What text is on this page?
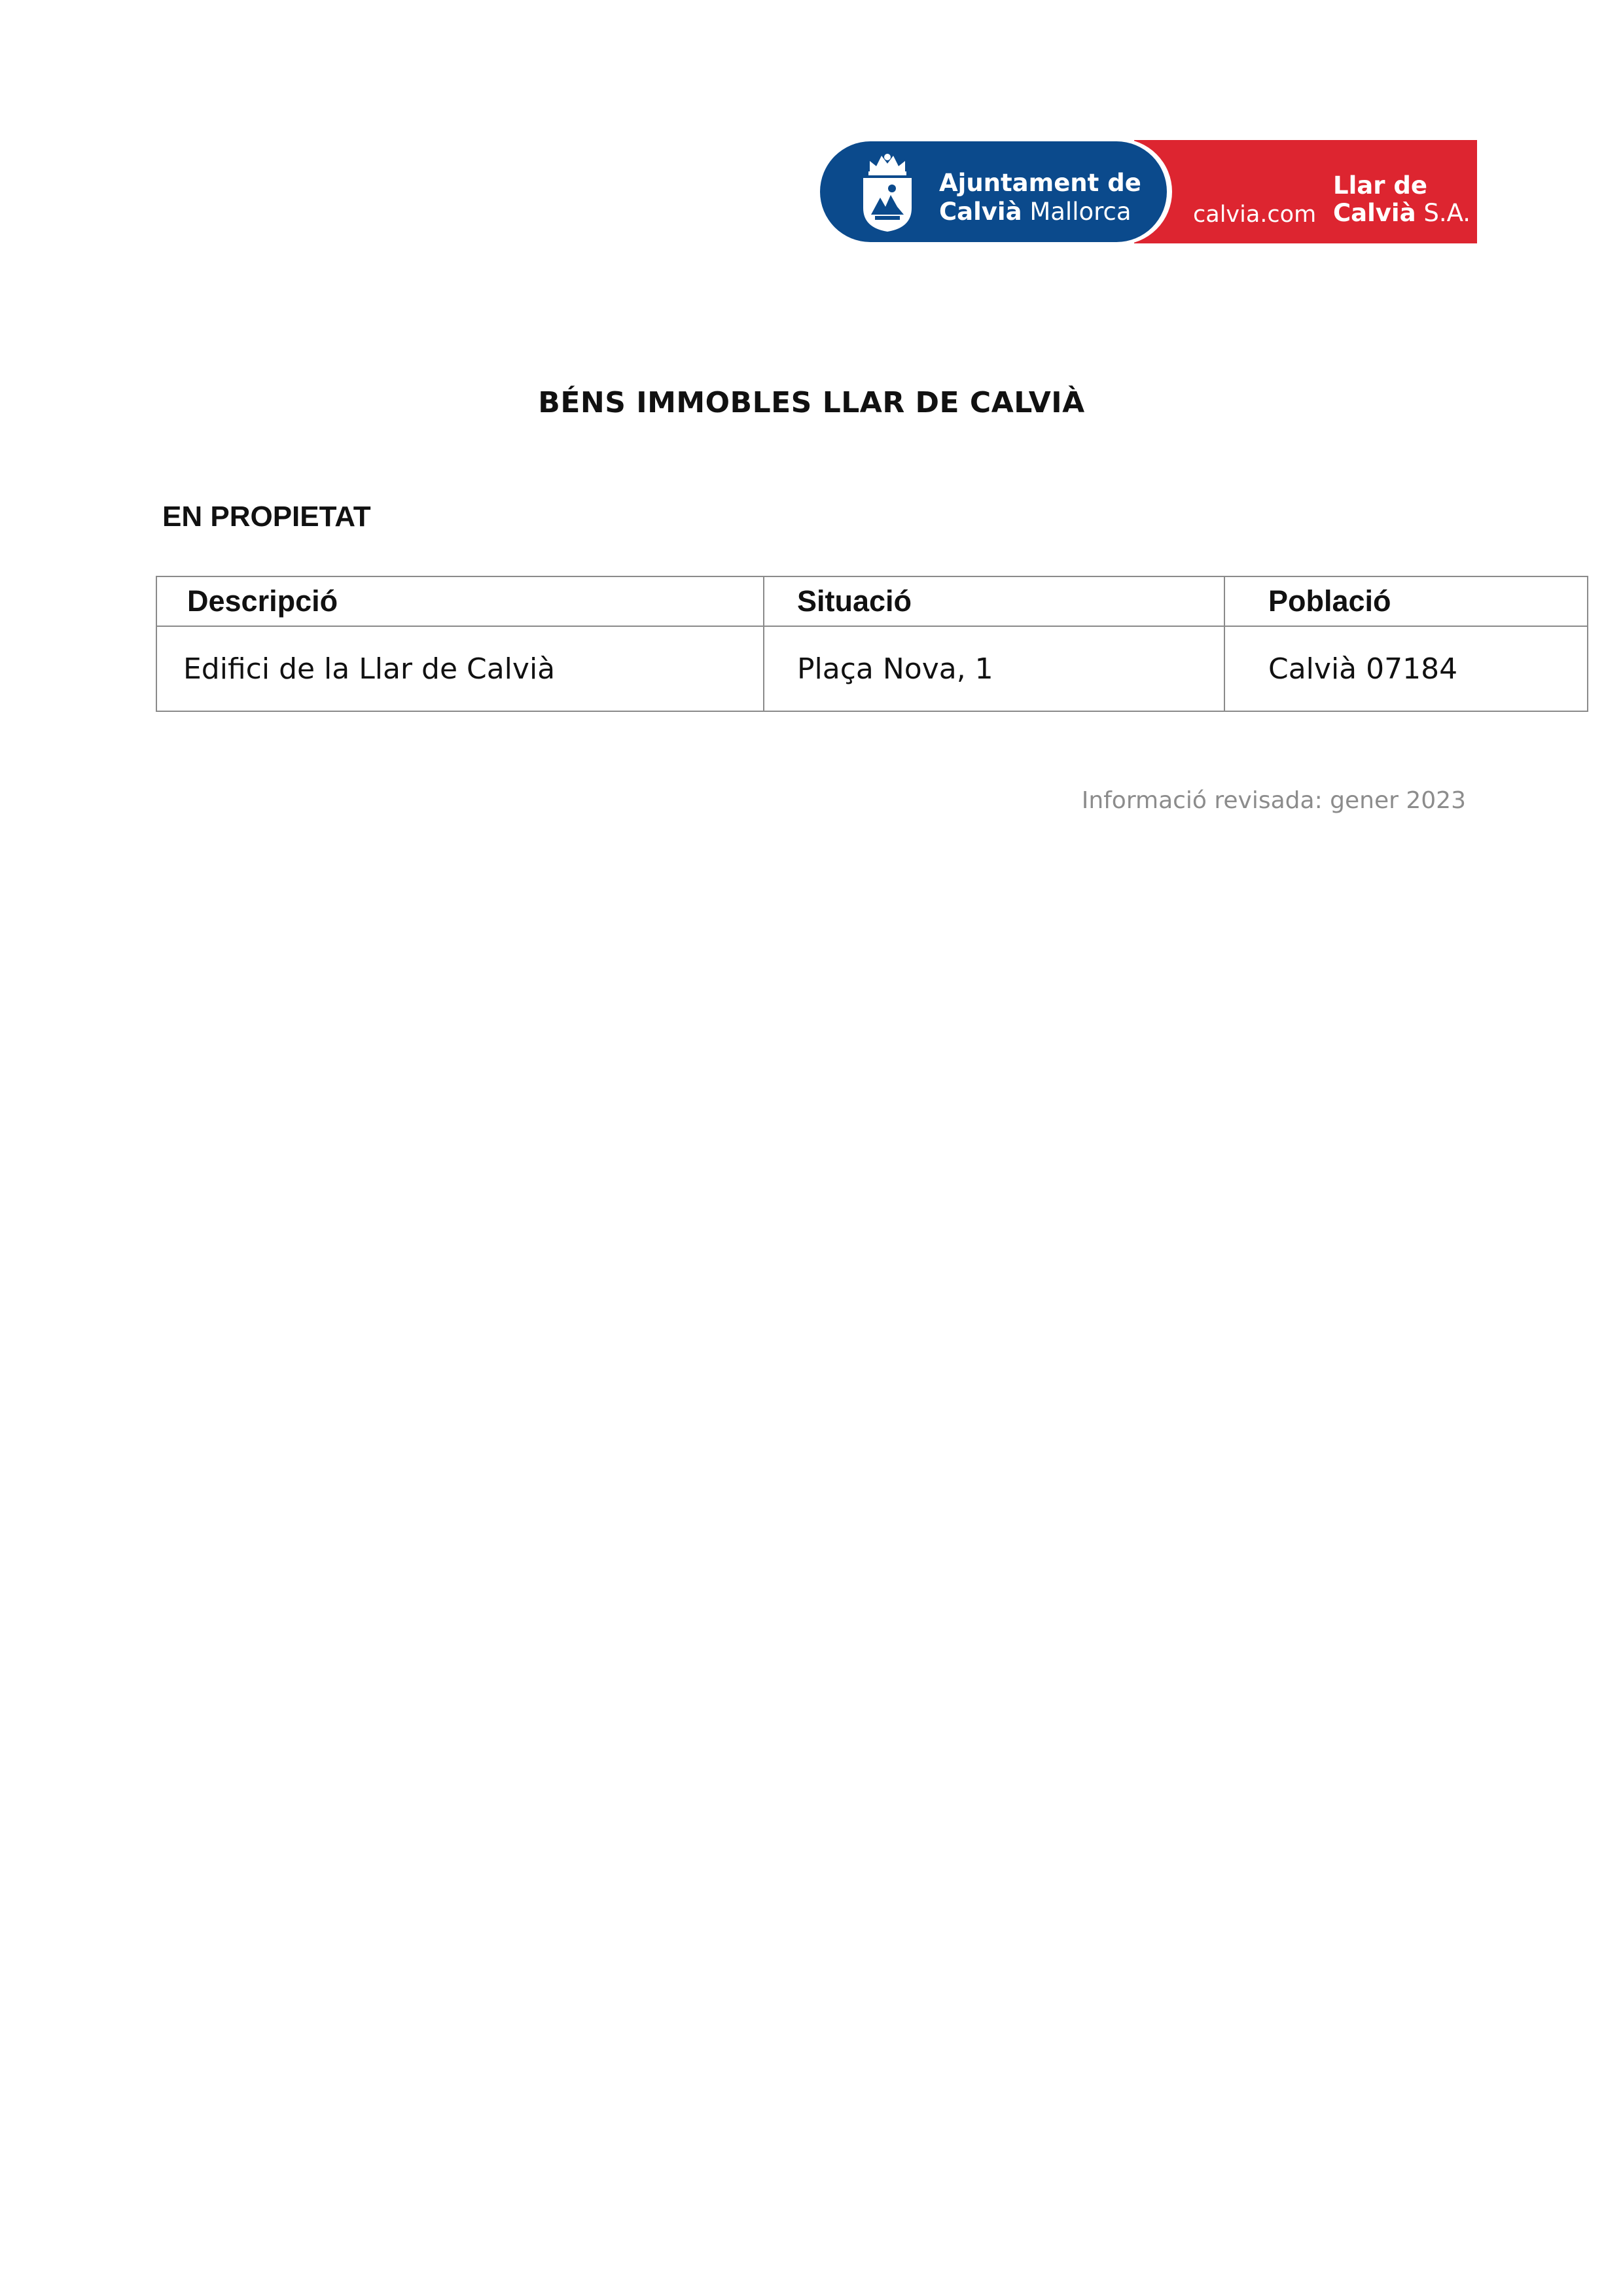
Ajuntament de
Calvià Mallorca	calvia.com
Llar de
Calvià S.A.
BÉNS IMMOBLES LLAR DE CALVIÀ
EN PROPIETAT
Descripció	Situació	Població
Edifici de la Llar de Calvià	Plaça Nova, 1	Calvià 07184
Informació revisada: gener 2023
